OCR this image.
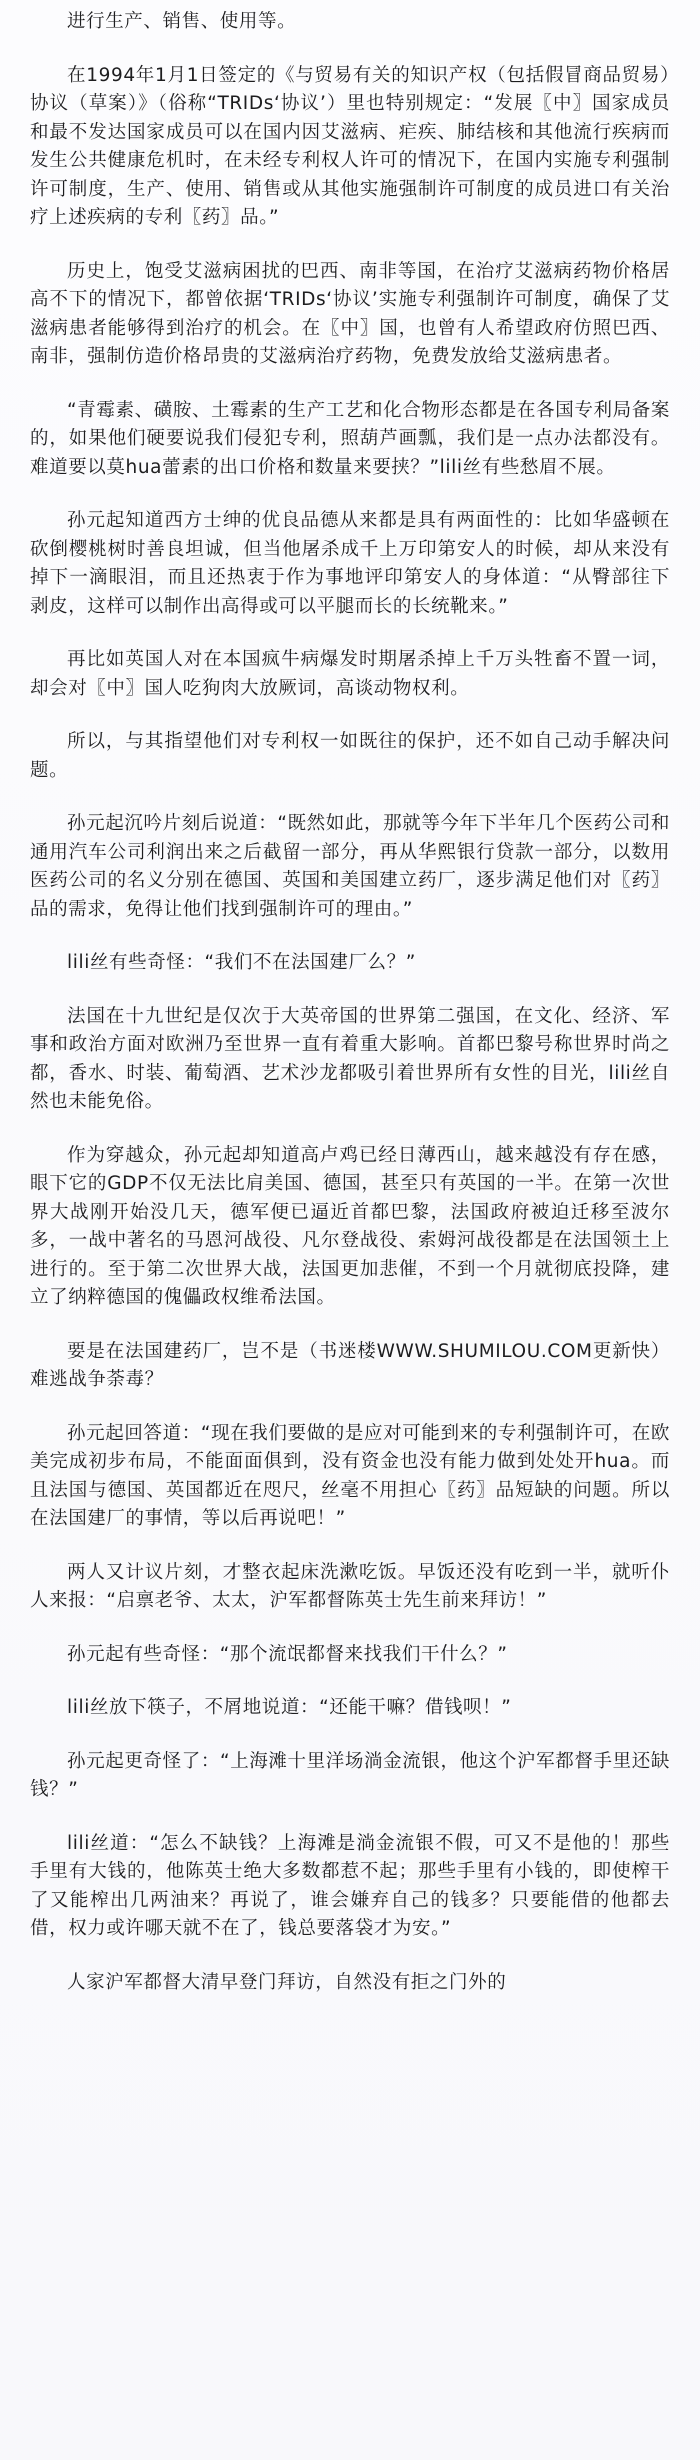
进行生产、销售、使用等。

在1994年1月1日签定的《与贸易有关的知识产权（包括假冒商品贸易）协议（草案）》（俗称“TRIDs‘协议’）里也特别规定：“发展〖中〗国家成员和最不发达国家成员可以在国内因艾滋病、疟疾、肺结核和其他流行疾病而发生公共健康危机时，在未经专利权人许可的情况下，在国内实施专利强制许可制度，生产、使用、销售或从其他实施强制许可制度的成员进口有关治疗上述疾病的专利〖药〗品。”

历史上，饱受艾滋病困扰的巴西、南非等国，在治疗艾滋病药物价格居高不下的情况下，都曾依据‘TRIDs‘协议’实施专利强制许可制度，确保了艾滋病患者能够得到治疗的机会。在〖中〗国，也曾有人希望政府仿照巴西、南非，强制仿造价格昂贵的艾滋病治疗药物，免费发放给艾滋病患者。

“青霉素、磺胺、土霉素的生产工艺和化合物形态都是在各国专利局备案的，如果他们硬要说我们侵犯专利，照葫芦画瓢，我们是一点办法都没有。难道要以莫hua蕾素的出口价格和数量来要挟？”lili丝有些愁眉不展。

孙元起知道西方士绅的优良品德从来都是具有两面性的：比如华盛顿在砍倒樱桃树时善良坦诚，但当他屠杀成千上万印第安人的时候，却从来没有掉下一滴眼泪，而且还热衷于作为事地评印第安人的身体道：“从臀部往下剥皮，这样可以制作出高得或可以平腿而长的长统靴来。”

再比如英国人对在本国疯牛病爆发时期屠杀掉上千万头牲畜不置一词，却会对〖中〗国人吃狗肉大放厥词，高谈动物权利。

所以，与其指望他们对专利权一如既往的保护，还不如自己动手解决问题。

孙元起沉吟片刻后说道：“既然如此，那就等今年下半年几个医药公司和通用汽车公司利润出来之后截留一部分，再从华熙银行贷款一部分，以数用医药公司的名义分别在德国、英国和美国建立药厂，逐步满足他们对〖药〗品的需求，免得让他们找到强制许可的理由。”

lili丝有些奇怪：“我们不在法国建厂么？”

法国在十九世纪是仅次于大英帝国的世界第二强国，在文化、经济、军事和政治方面对欧洲乃至世界一直有着重大影响。首都巴黎号称世界时尚之都，香水、时装、葡萄酒、艺术沙龙都吸引着世界所有女性的目光，lili丝自然也未能免俗。

作为穿越众，孙元起却知道高卢鸡已经日薄西山，越来越没有存在感，眼下它的GDP不仅无法比肩美国、德国，甚至只有英国的一半。在第一次世界大战刚开始没几天，德军便已逼近首都巴黎，法国政府被迫迁移至波尔多，一战中著名的马恩河战役、凡尔登战役、索姆河战役都是在法国领土上进行的。至于第二次世界大战，法国更加悲催，不到一个月就彻底投降，建立了纳粹德国的傀儡政权维希法国。

要是在法国建药厂，岂不是（书迷楼WWW.SHUMILOU.COM更新快）难逃战争荼毒？

孙元起回答道：“现在我们要做的是应对可能到来的专利强制许可，在欧美完成初步布局，不能面面俱到，没有资金也没有能力做到处处开hua。而且法国与德国、英国都近在咫尺，丝毫不用担心〖药〗品短缺的问题。所以在法国建厂的事情，等以后再说吧！”

两人又计议片刻，才整衣起床洗漱吃饭。早饭还没有吃到一半，就听仆人来报：“启禀老爷、太太，沪军都督陈英士先生前来拜访！”

孙元起有些奇怪：“那个流氓都督来找我们干什么？”

lili丝放下筷子，不屑地说道：“还能干嘛？借钱呗！”

孙元起更奇怪了：“上海滩十里洋场淌金流银，他这个沪军都督手里还缺钱？”

lili丝道：“怎么不缺钱？上海滩是淌金流银不假，可又不是他的！那些手里有大钱的，他陈英士绝大多数都惹不起；那些手里有小钱的，即使榨干了又能榨出几两油来？再说了，谁会嫌弃自己的钱多？只要能借的他都去借，权力或许哪天就不在了，钱总要落袋才为安。”

人家沪军都督大清早登门拜访，自然没有拒之门外的
